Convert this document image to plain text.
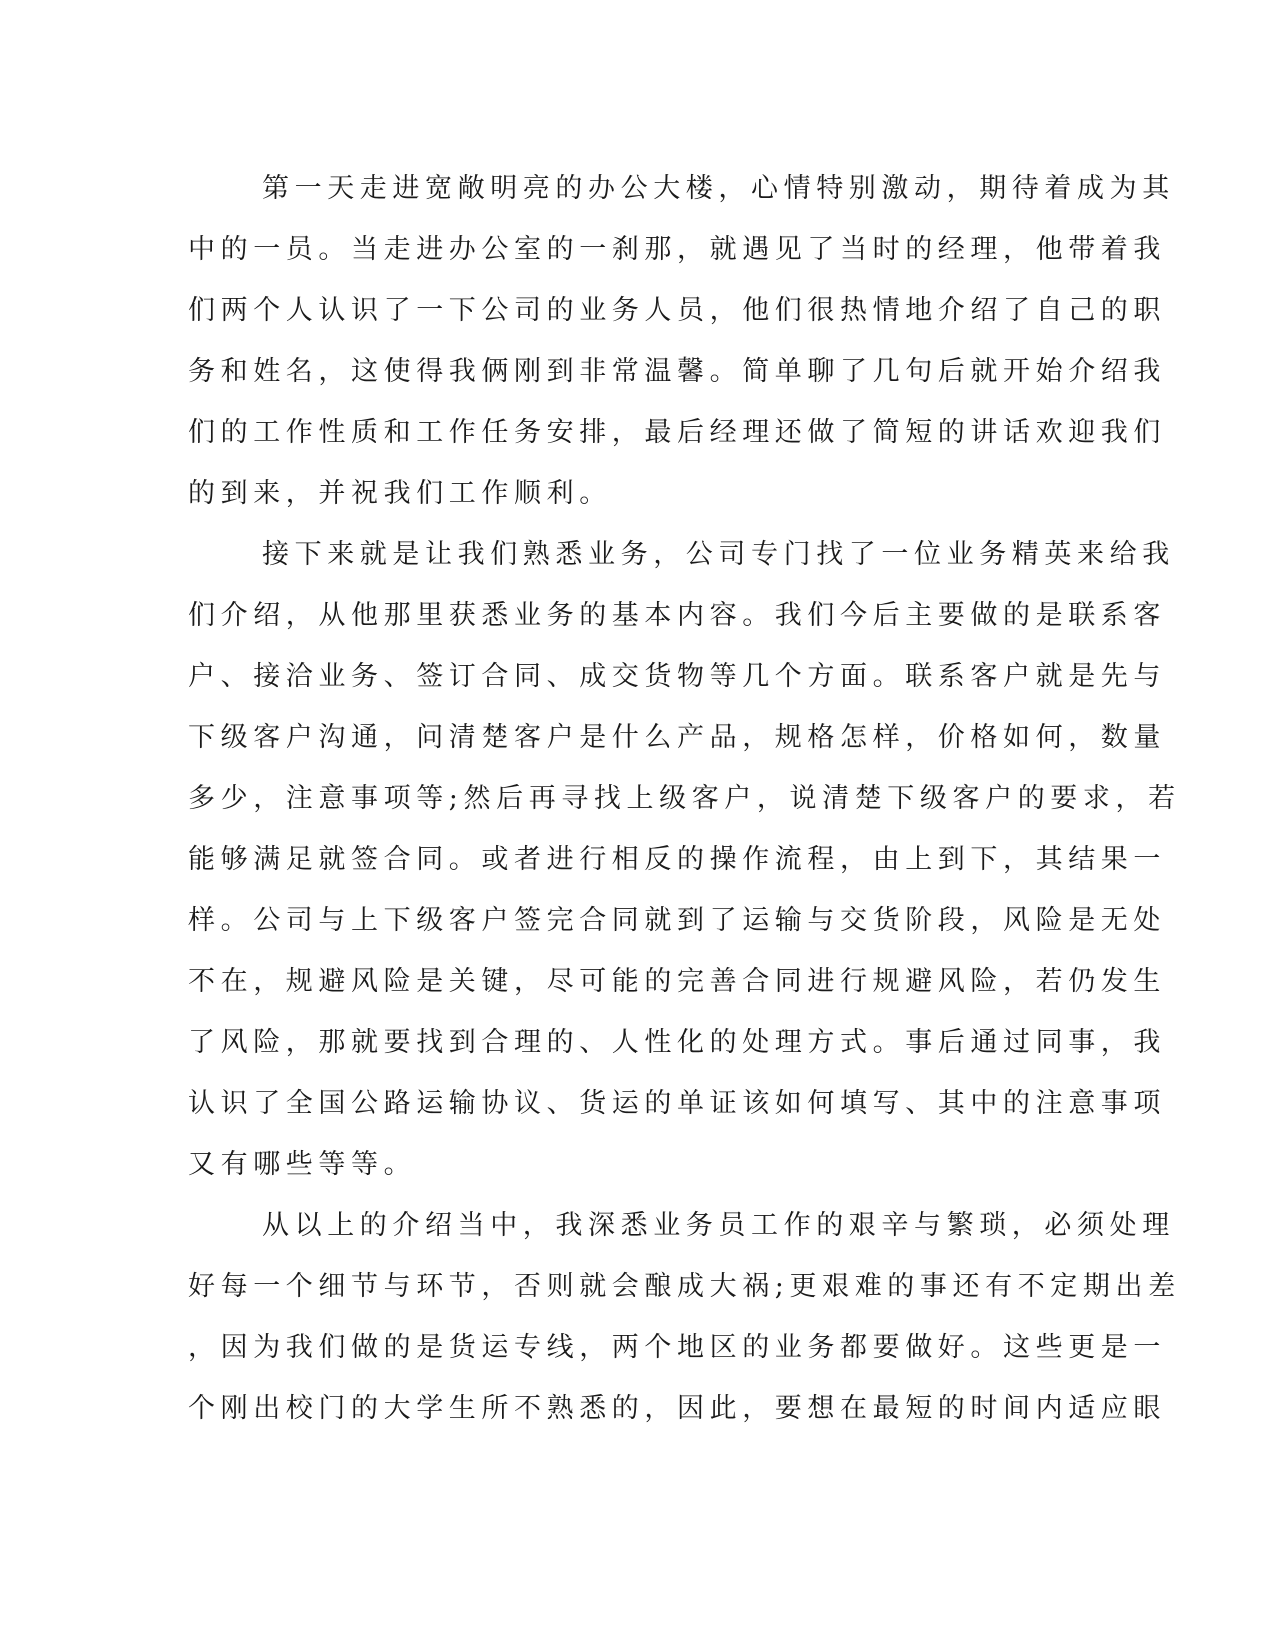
第一天走进宽敞明亮的办公大楼，心情特别激动，期待着成为其
中的一员。当走进办公室的一刹那，就遇见了当时的经理，他带着我
们两个人认识了一下公司的业务人员，他们很热情地介绍了自己的职
务和姓名，这使得我俩刚到非常温馨。简单聊了几句后就开始介绍我
们的工作性质和工作任务安排，最后经理还做了简短的讲话欢迎我们
的到来，并祝我们工作顺利。
接下来就是让我们熟悉业务，公司专门找了一位业务精英来给我
们介绍，从他那里获悉业务的基本内容。我们今后主要做的是联系客
户、接洽业务、签订合同、成交货物等几个方面。联系客户就是先与
下级客户沟通，问清楚客户是什么产品，规格怎样，价格如何，数量
多少，注意事项等;然后再寻找上级客户，说清楚下级客户的要求，若
能够满足就签合同。或者进行相反的操作流程，由上到下，其结果一
样。公司与上下级客户签完合同就到了运输与交货阶段，风险是无处
不在，规避风险是关键，尽可能的完善合同进行规避风险，若仍发生
了风险，那就要找到合理的、人性化的处理方式。事后通过同事，我
认识了全国公路运输协议、货运的单证该如何填写、其中的注意事项
又有哪些等等。
从以上的介绍当中，我深悉业务员工作的艰辛与繁琐，必须处理
好每一个细节与环节，否则就会酿成大祸;更艰难的事还有不定期出差
，因为我们做的是货运专线，两个地区的业务都要做好。这些更是一
个刚出校门的大学生所不熟悉的，因此，要想在最短的时间内适应眼
